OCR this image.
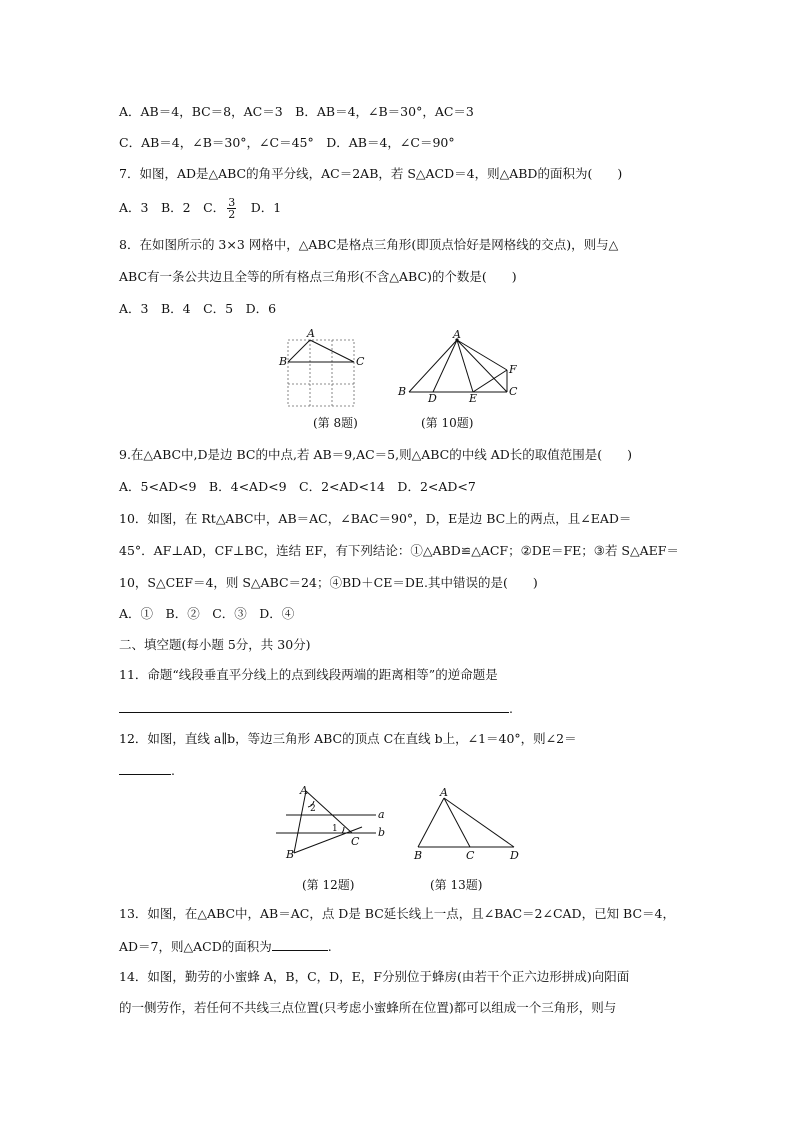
A．AB＝4，BC＝8，AC＝3　B．AB＝4，∠B＝30°，AC＝3
C．AB＝4，∠B＝30°，∠C＝45°　D．AB＝4，∠C＝90°
7．如图，AD是△ABC的角平分线，AC＝2AB，若 S△ACD＝4，则△ABD的面积为(　　)
A．3　B．2　C． $\frac{3}{2}$ 　D．1
8．在如图所示的 3×3 网格中，△ABC是格点三角形(即顶点恰好是网格线的交点)，则与△
ABC有一条公共边且全等的所有格点三角形(不含△ABC)的个数是(　　)
A．3　B．4　C．5　D．6
A
B	C
A
B	C
D	E
F
(第 8题)	(第 10题)
9.在△ABC中,D是边 BC的中点,若 AB＝9,AC＝5,则△ABC的中线 AD长的取值范围是(　　)
A．5<AD<9　B．4<AD<9　C．2<AD<14　D．2<AD<7
10．如图，在 Rt△ABC中，AB＝AC，∠BAC＝90°，D，E是边 BC上的两点，且∠EAD＝
45°．AF⊥AD，CF⊥BC，连结 EF，有下列结论：①△ABD≌△ACF；②DE＝FE；③若 S△AEF＝
10，S△CEF＝4，则 S△ABC＝24；④BD＋CE＝DE.其中错误的是(　　)
A．①　B．②　C．③　D．④
二、填空题(每小题 5分，共 30分)
11．命题“线段垂直平分线上的点到线段两端的距离相等”的逆命题是
.
12．如图，直线 a∥b，等边三角形 ABC的顶点 C在直线 b上，∠1＝40°，则∠2＝
.
A
B
C
a
b
1
2
A
B	C	D
(第 12题)	(第 13题)
13．如图，在△ABC中，AB＝AC，点 D是 BC延长线上一点，且∠BAC＝2∠CAD，已知 BC＝4，
AD＝7，则△ACD的面积为	.
14．如图，勤劳的小蜜蜂 A，B，C，D，E，F分别位于蜂房(由若干个正六边形拼成)向阳面
的一侧劳作，若任何不共线三点位置(只考虑小蜜蜂所在位置)都可以组成一个三角形，则与
